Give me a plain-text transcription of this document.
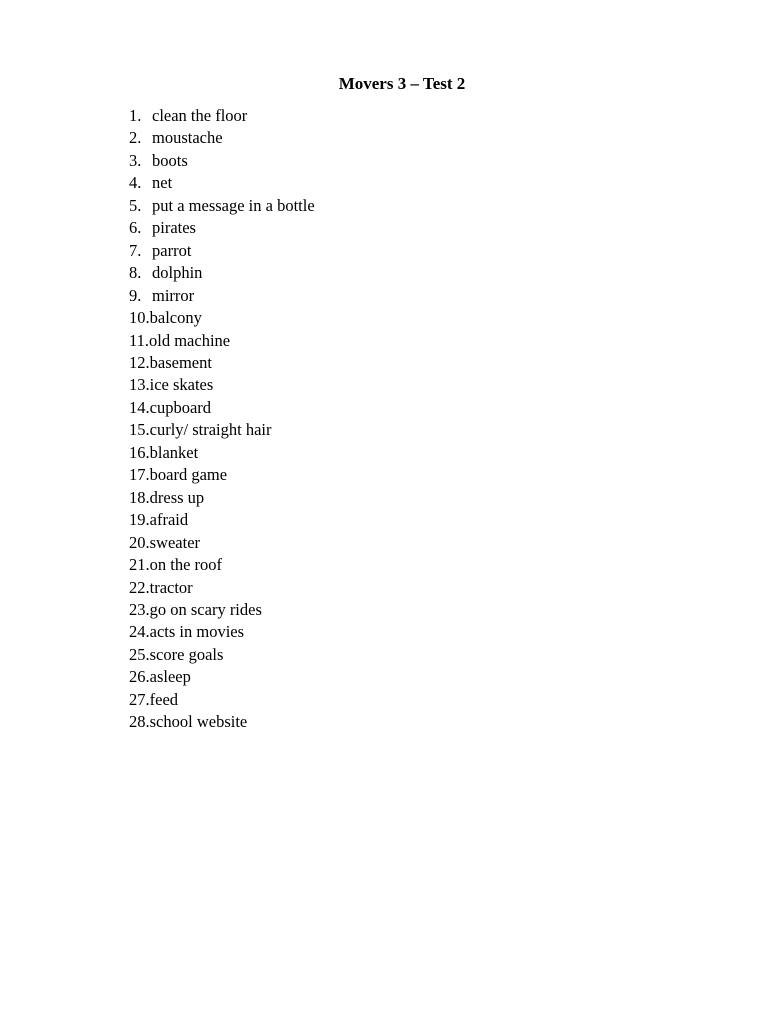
Movers 3 – Test 2
1. clean the floor
2. moustache
3. boots
4. net
5. put a message in a bottle
6. pirates
7. parrot
8. dolphin
9. mirror
10. balcony
11. old machine
12. basement
13. ice skates
14. cupboard
15. curly/ straight hair
16. blanket
17. board game
18. dress up
19. afraid
20. sweater
21. on the roof
22. tractor
23. go on scary rides
24. acts in movies
25. score goals
26. asleep
27. feed
28. school website
